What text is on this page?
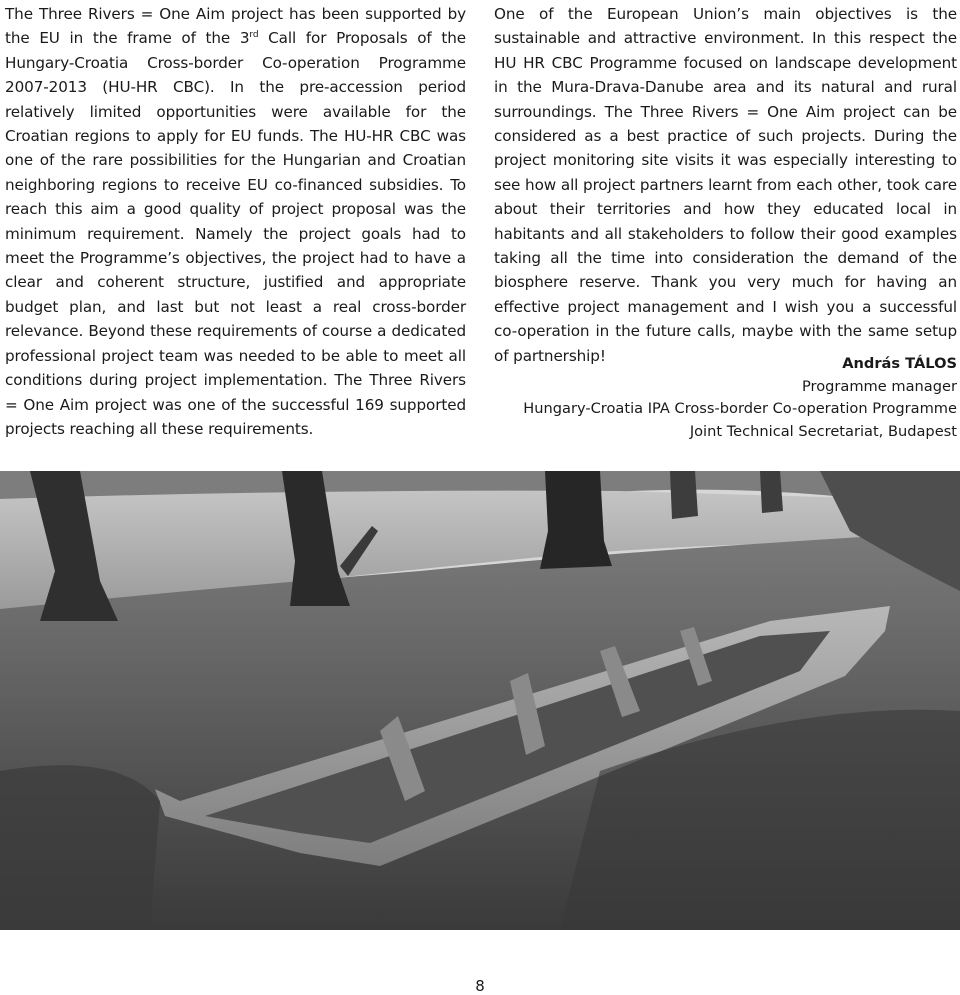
The Three Rivers = One Aim project has been supported by the EU in the frame of the 3rd Call for Proposals of the Hungary-Croatia Cross-border Co-operation Programme 2007-2013 (HU-HR CBC). In the pre-accession period relatively limited opportunities were available for the Croatian regions to apply for EU funds. The HU-HR CBC was one of the rare possibilities for the Hungarian and Croatian neighboring regions to receive EU co-financed subsidies. To reach this aim a good quality of project proposal was the minimum requirement. Namely the project goals had to meet the Programme’s objectives, the project had to have a clear and coherent structure, justified and appropriate budget plan, and last but not least a real cross-border relevance. Beyond these requirements of course a dedicated professional project team was needed to be able to meet all conditions during project implementation. The Three Rivers = One Aim project was one of the successful 169 supported projects reaching all these requirements.

One of the European Union’s main objectives is the sustainable and attractive environment. In this respect the HU HR CBC Programme focused on landscape development in the Mura-Drava-Danube area and its natural and rural surroundings. The Three Rivers = One Aim project can be considered as a best practice of such projects. During the project monitoring site visits it was especially interesting to see how all project partners learnt from each other, took care about their territories and how they educated local in habitants and all stakeholders to follow their good examples taking all the time into consideration the demand of the biosphere reserve. Thank you very much for having an effective project management and I wish you a successful co-operation in the future calls, maybe with the same setup of partnership!	András TÁLOS
Programme manager
Hungary-Croatia IPA Cross-border Co-operation Programme
Joint Technical Secretariat, Budapest
8
